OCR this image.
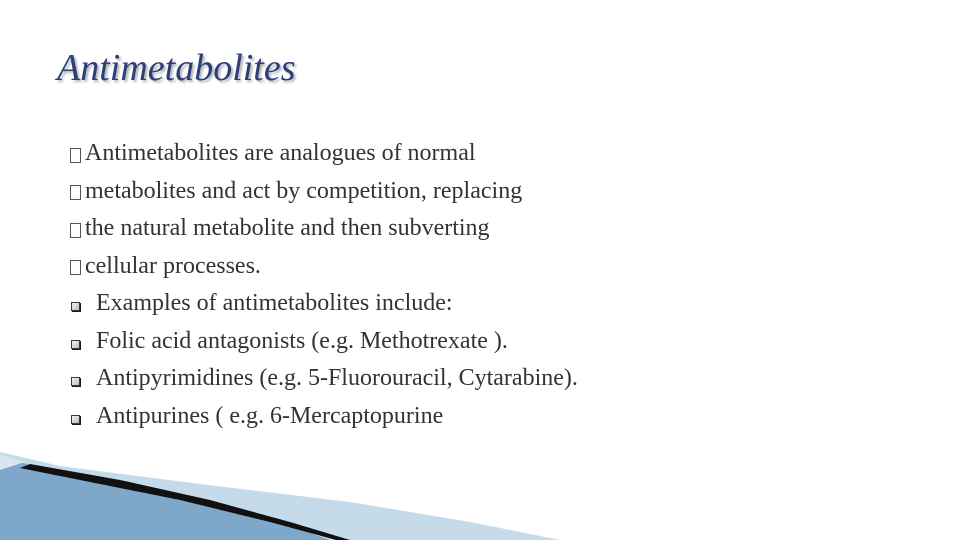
Antimetabolites
Antimetabolites are analogues of normal
metabolites and act by competition, replacing
the natural metabolite and then subverting
cellular processes.
Examples of antimetabolites include:
Folic acid antagonists (e.g. Methotrexate ).
Antipyrimidines (e.g. 5-Fluorouracil, Cytarabine).
Antipurines ( e.g. 6-Mercaptopurine
